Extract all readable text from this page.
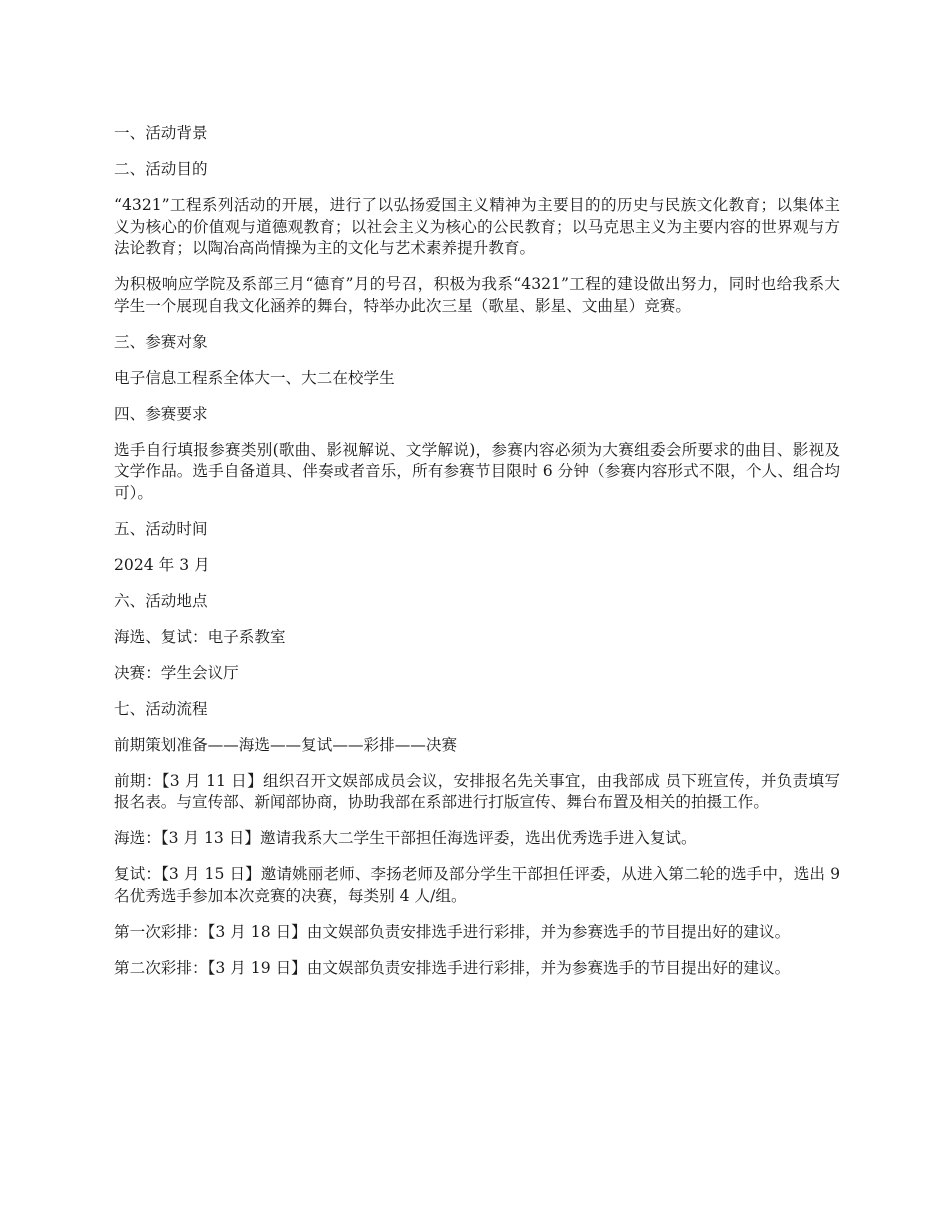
一、活动背景

二、活动目的

“4321”工程系列活动的开展，进行了以弘扬爱国主义精神为主要目的的历史与民族文化教育；以集体主义为核心的价值观与道德观教育；以社会主义为核心的公民教育；以马克思主义为主要内容的世界观与方法论教育；以陶冶高尚情操为主的文化与艺术素养提升教育。

为积极响应学院及系部三月“德育”月的号召，积极为我系“4321”工程的建设做出努力，同时也给我系大学生一个展现自我文化涵养的舞台，特举办此次三星（歌星、影星、文曲星）竞赛。

三、参赛对象

电子信息工程系全体大一、大二在校学生

四、参赛要求

选手自行填报参赛类别(歌曲、影视解说、文学解说)，参赛内容必须为大赛组委会所要求的曲目、影视及文学作品。选手自备道具、伴奏或者音乐，所有参赛节目限时 6 分钟（参赛内容形式不限，个人、组合均可）。

五、活动时间

2024 年 3 月

六、活动地点

海选、复试：电子系教室

决赛：学生会议厅

七、活动流程

前期策划准备——海选——复试——彩排——决赛

前期：【3 月 11 日】组织召开文娱部成员会议，安排报名先关事宜，由我部成 员下班宣传，并负责填写报名表。与宣传部、新闻部协商，协助我部在系部进行打版宣传、舞台布置及相关的拍摄工作。

海选：【3 月 13 日】邀请我系大二学生干部担任海选评委，选出优秀选手进入复试。

复试：【3 月 15 日】邀请姚丽老师、李扬老师及部分学生干部担任评委，从进入第二轮的选手中，选出 9 名优秀选手参加本次竞赛的决赛，每类别 4 人/组。

第一次彩排：【3 月 18 日】由文娱部负责安排选手进行彩排，并为参赛选手的节目提出好的建议。

第二次彩排：【3 月 19 日】由文娱部负责安排选手进行彩排，并为参赛选手的节目提出好的建议。
